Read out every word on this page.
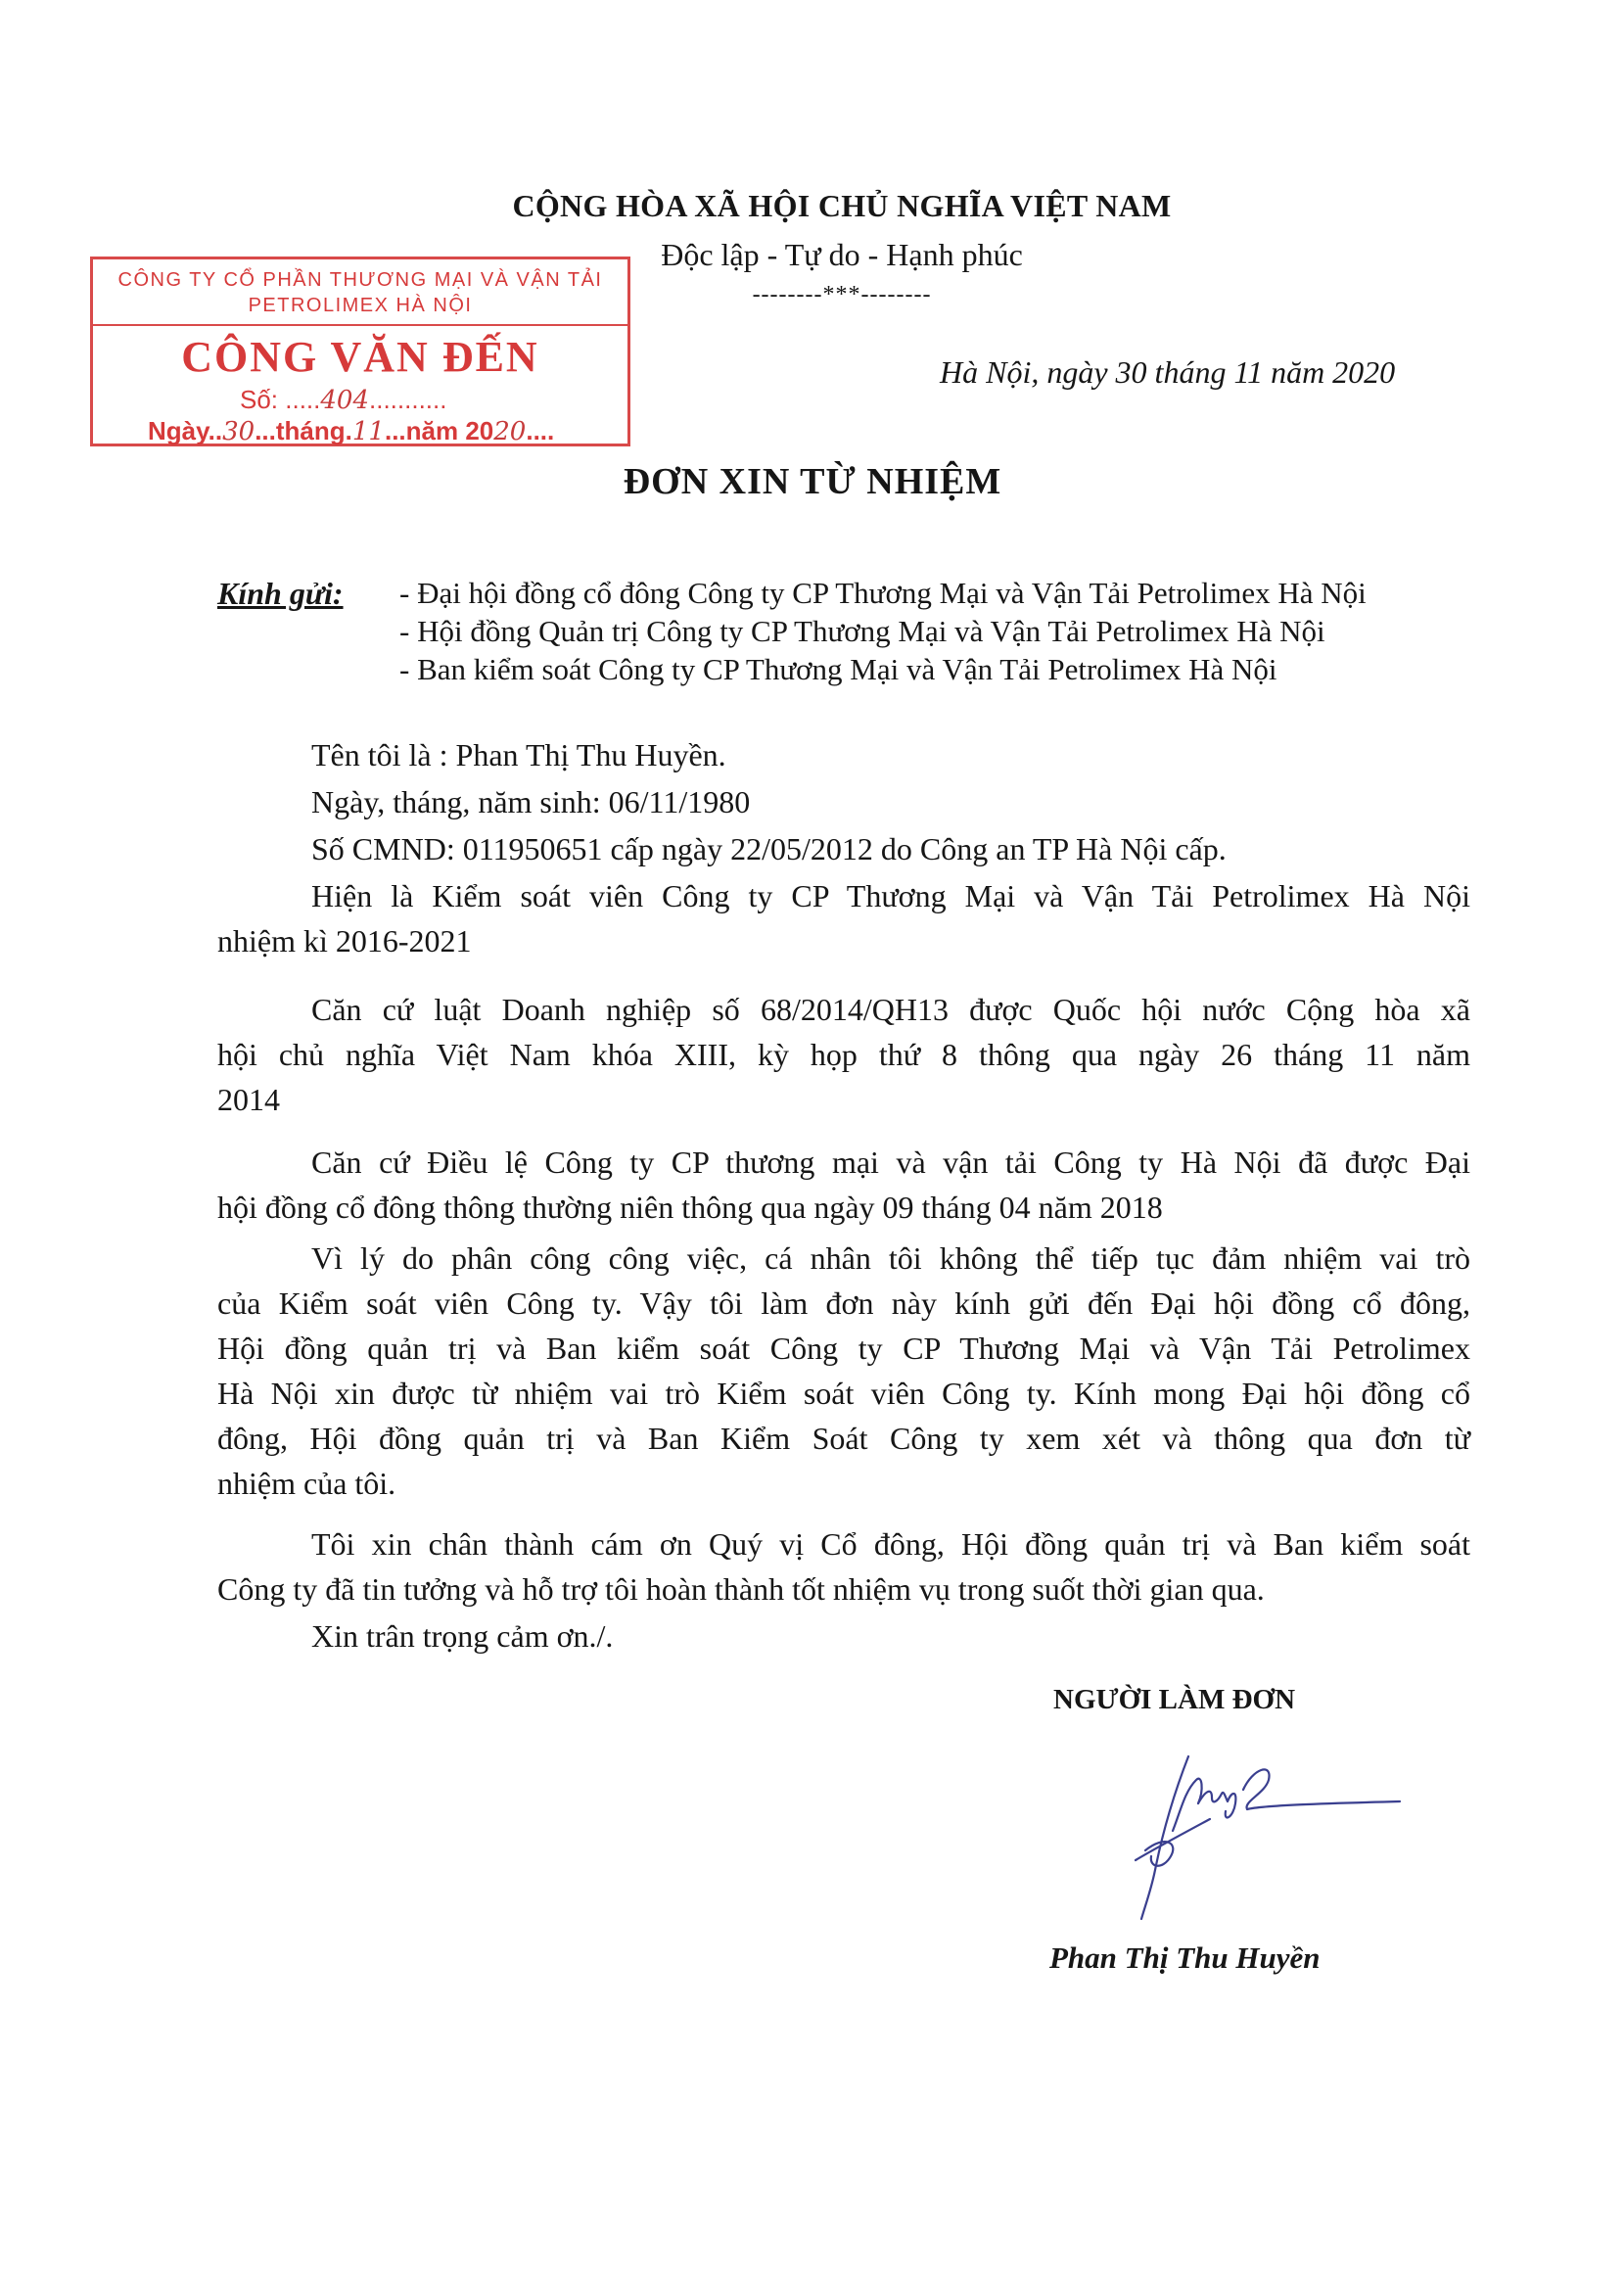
CỘNG HÒA XÃ HỘI CHỦ NGHĨA VIỆT NAM
Độc lập - Tự do - Hạnh phúc
--------***--------
CÔNG TY CỔ PHẦN THƯƠNG MẠI VÀ VẬN TẢI
PETROLIMEX HÀ NỘI
CÔNG VĂN ĐẾN
Số: .....404...........
Ngày..30...tháng.11...năm 2020....
Hà Nội, ngày 30 tháng 11 năm 2020
ĐƠN XIN TỪ NHIỆM
Kính gửi: - Đại hội đồng cổ đông Công ty CP Thương Mại và Vận Tải Petrolimex Hà Nội
- Hội đồng Quản trị Công ty CP Thương Mại và Vận Tải Petrolimex Hà Nội
- Ban kiểm soát Công ty CP Thương Mại và Vận Tải Petrolimex Hà Nội
Tên tôi là : Phan Thị Thu Huyền.
Ngày, tháng, năm sinh: 06/11/1980
Số CMND: 011950651 cấp ngày 22/05/2012 do Công an TP Hà Nội cấp.
Hiện là Kiểm soát viên Công ty CP Thương Mại và Vận Tải Petrolimex Hà Nội
nhiệm kì 2016-2021
Căn cứ luật Doanh nghiệp số 68/2014/QH13 được Quốc hội nước Cộng hòa xã
hội chủ nghĩa Việt Nam khóa XIII, kỳ họp thứ 8 thông qua ngày 26 tháng 11 năm
2014
Căn cứ Điều lệ Công ty CP thương mại và vận tải Công ty Hà Nội đã được Đại
hội đồng cổ đông thông thường niên thông qua ngày 09 tháng 04 năm 2018
Vì lý do phân công công việc, cá nhân tôi không thể tiếp tục đảm nhiệm vai trò
của Kiểm soát viên Công ty. Vậy tôi làm đơn này kính gửi đến Đại hội đồng cổ đông,
Hội đồng quản trị và Ban kiểm soát Công ty CP Thương Mại và Vận Tải Petrolimex
Hà Nội xin được từ nhiệm vai trò Kiểm soát viên Công ty. Kính mong Đại hội đồng cổ
đông, Hội đồng quản trị và Ban Kiểm Soát Công ty xem xét và thông qua đơn từ
nhiệm của tôi.
Tôi xin chân thành cám ơn Quý vị Cổ đông, Hội đồng quản trị và Ban kiểm soát
Công ty đã tin tưởng và hỗ trợ tôi hoàn thành tốt nhiệm vụ trong suốt thời gian qua.
Xin trân trọng cảm ơn./.
NGƯỜI LÀM ĐƠN
Phan Thị Thu Huyền
